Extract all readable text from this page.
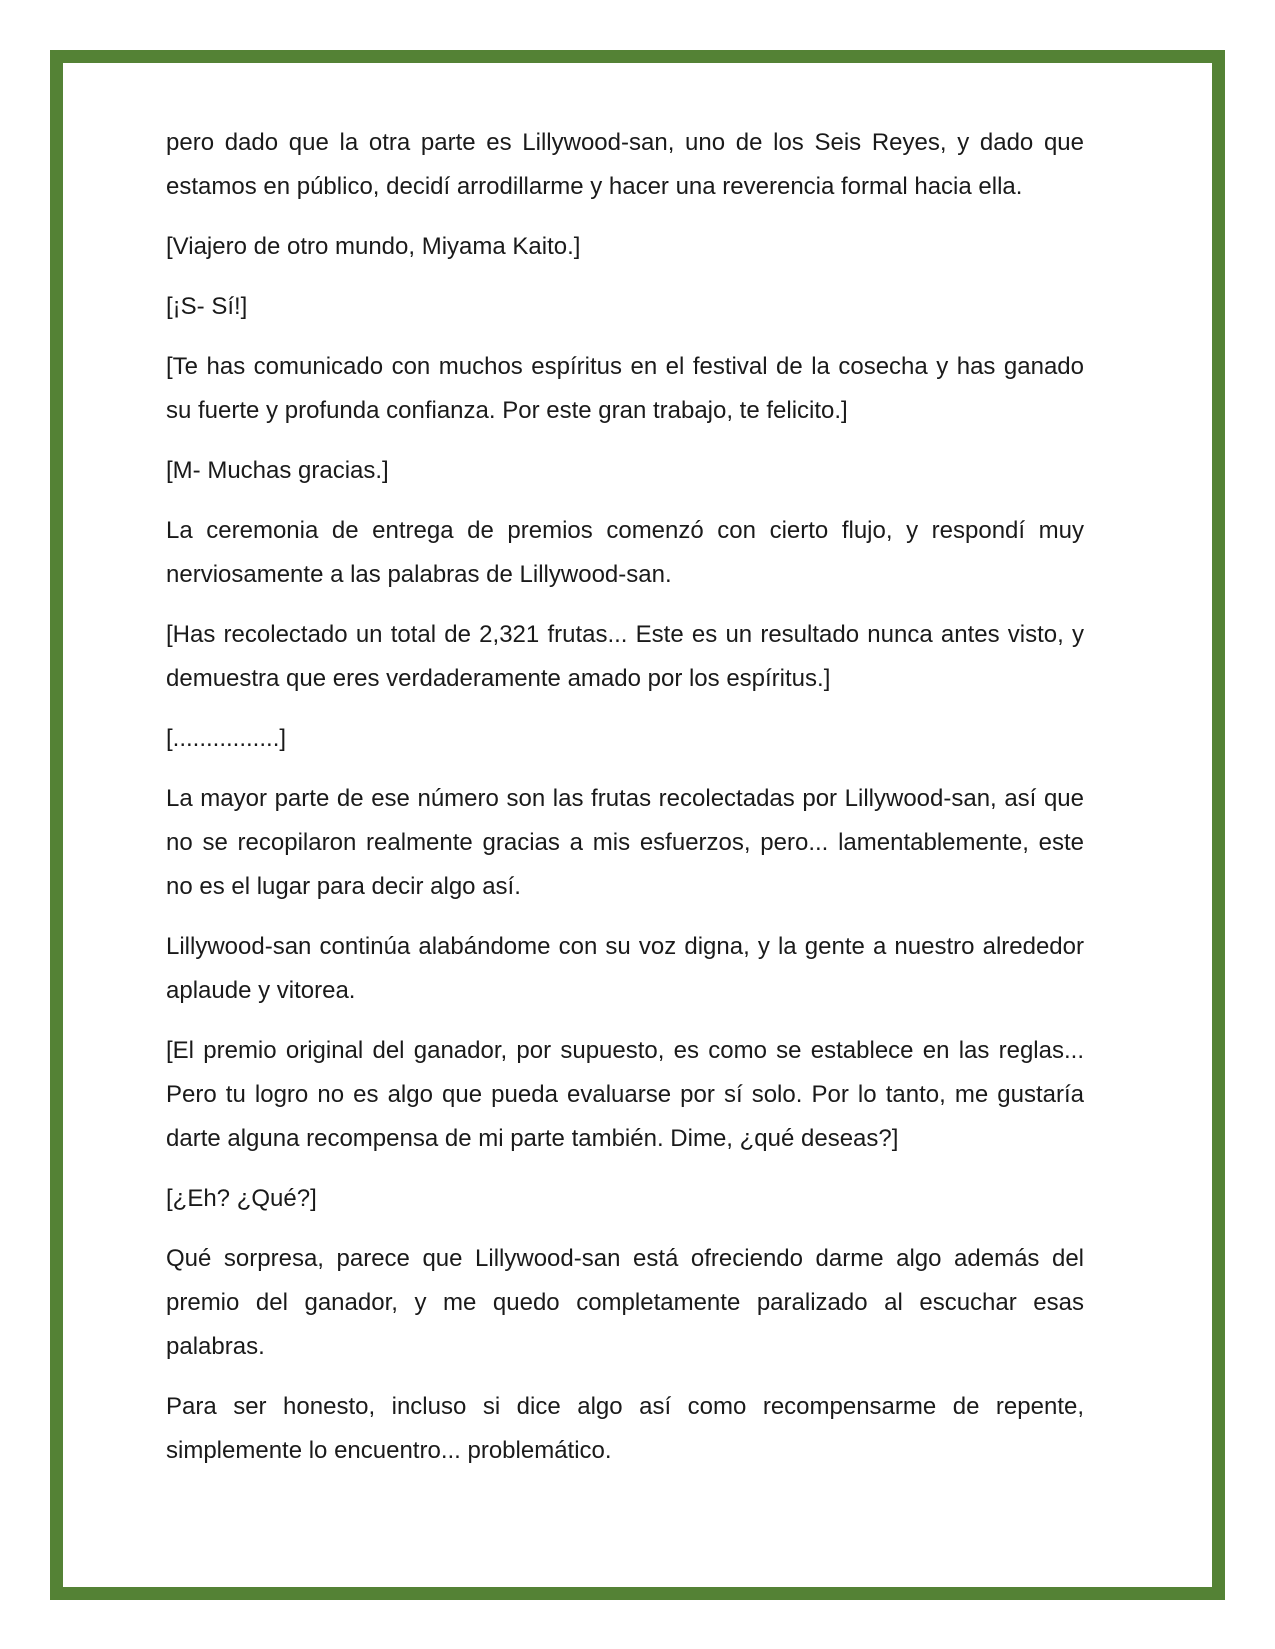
pero dado que la otra parte es Lillywood-san, uno de los Seis Reyes, y dado que estamos en público, decidí arrodillarme y hacer una reverencia formal hacia ella.

[Viajero de otro mundo, Miyama Kaito.]

[¡S- Sí!]

[Te has comunicado con muchos espíritus en el festival de la cosecha y has ganado su fuerte y profunda confianza. Por este gran trabajo, te felicito.]

[M- Muchas gracias.]

La ceremonia de entrega de premios comenzó con cierto flujo, y respondí muy nerviosamente a las palabras de Lillywood-san.

[Has recolectado un total de 2,321 frutas... Este es un resultado nunca antes visto, y demuestra que eres verdaderamente amado por los espíritus.]

[................]

La mayor parte de ese número son las frutas recolectadas por Lillywood-san, así que no se recopilaron realmente gracias a mis esfuerzos, pero... lamentablemente, este no es el lugar para decir algo así.

Lillywood-san continúa alabándome con su voz digna, y la gente a nuestro alrededor aplaude y vitorea.

[El premio original del ganador, por supuesto, es como se establece en las reglas... Pero tu logro no es algo que pueda evaluarse por sí solo. Por lo tanto, me gustaría darte alguna recompensa de mi parte también. Dime, ¿qué deseas?]

[¿Eh? ¿Qué?]

Qué sorpresa, parece que Lillywood-san está ofreciendo darme algo además del premio del ganador, y me quedo completamente paralizado al escuchar esas palabras.

Para ser honesto, incluso si dice algo así como recompensarme de repente, simplemente lo encuentro... problemático.
